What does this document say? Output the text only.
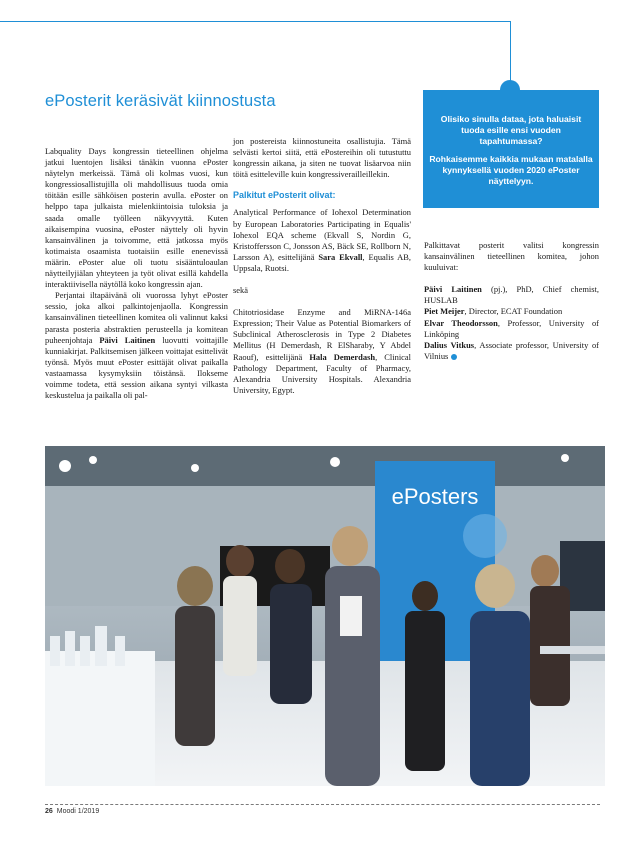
ePosterit keräsivät kiinnostusta

Olisiko sinulla dataa, jota haluaisit tuoda esille ensi vuoden tapahtumassa?

Rohkaisemme kaikkia mukaan matalalla kynnyksellä vuoden 2020 ePoster näyttelyyn.

Labquality Days kongressin tieteellinen ohjelma jatkui luentojen lisäksi tänäkin vuonna ePoster näytelyn merkeissä. Tämä oli kolmas vuosi, kun kongressiosallistujilla oli mahdollisuus tuoda omia töitään esille sähköisen posterin avulla. ePoster on helppo tapa julkaista mielenkiintoisia tuloksia ja saada omalle työlleen näkyvyyttä. Kuten aikaisempina vuosina, ePoster näyttely oli hyvin kansainvälinen ja toivomme, että jatkossa myös kotimaista osaamista tuotaisiin esille enenevissä määrin. ePoster alue oli tuotu sisääntuloaulan näytteilyjiälan yhteyteen ja työt olivat esillä kahdella interaktiivisella näytöllä koko kongressin ajan.

Perjantai iltapäivänä oli vuorossa lyhyt ePoster sessio, joka alkoi palkintojenjaolla. Kongressin kansainvälinen tieteellinen komitea oli valinnut kaksi parasta posteria abstraktien perusteella ja komitean puheenjohtaja Päivi Laitinen luovutti voittajille kunniakirjat. Palkitsemisen jälkeen voittajat esittelivät työnsä. Myös muut ePoster esittäjät olivat paikalla vastaamassa kysymyksiin töistänsä. Ilokseme voimme todeta, että session aikana syntyi vilkasta keskustelua ja paikalla oli pal-

jon postereista kiinnostuneita osallistujia. Tämä selvästi kertoi siitä, että ePostereihin oli tutustuttu kongressin aikana, ja siten ne tuovat lisäarvoa niin töitä esitteleville kuin kongressiverailleillekin.

Palkitut ePosterit olivat:

Analytical Performance of Iohexol Determination by European Laboratories Participating in Equalis' Iohexol EQA scheme (Ekvall S, Nordin G, Kristoffersson C, Jonsson AS, Bäck SE, Rollborn N, Larsson A), esittelijänä Sara Ekvall, Equalis AB, Uppsala, Ruotsi.

sekä

Chitotriosidase Enzyme and MiRNA-146a Expression; Their Value as Potential Biomarkers of Subclinical Atherosclerosis in Type 2 Diabetes Mellitus (H Demerdash, R ElSharaby, Y Abdel Raouf), esittelijänä Hala Demerdash, Clinical Pathology Department, Faculty of Pharmacy, Alexandria University Hospitals. Alexandria University, Egypt.

Palkittavat posterit valitsi kongressin kansainvälinen tieteellinen komitea, johon kuuluivat:

Päivi Laitinen (pj.), PhD, Chief chemist, HUSLAB

Piet Meijer, Director, ECAT Foundation

Elvar Theodorsson, Professor, University of Linköping

Dalius Vitkus, Associate professor, University of Vilnius

ePosters
26 Moodi 1/2019
